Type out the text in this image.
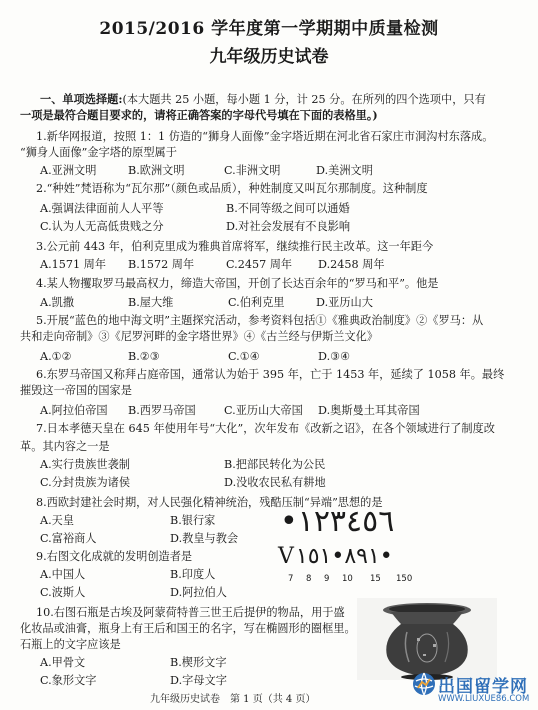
2015/2016 学年度第一学期期中质量检测
九年级历史试卷
一、单项选择题:(本大题共 25 小题，每小题 1 分，计 25 分。在所列的四个选项中，只有
一项是最符合题目要求的，请将正确答案的字母代号填在下面的表格里。)
1.新华网报道，按照 1：1 仿造的“狮身人面像”金字塔近期在河北省石家庄市洞沟村东落成。
“狮身人面像”金字塔的原型属于
A.亚洲文明	B.欧洲文明	C.非洲文明	D.美洲文明
2.“种姓”梵语称为“瓦尔那”（颜色或品质），种姓制度又叫瓦尔那制度。这种制度
A.强调法律面前人人平等	B.不同等级之间可以通婚
C.认为人无高低贵贱之分	D.对社会发展有不良影响
3.公元前 443 年，伯利克里成为雅典首席将军，继续推行民主改革。这一年距今
A.1571 周年 B.1572 周年	C.2457 周年 D.2458 周年
4.某人物攫取罗马最高权力，缔造大帝国，开创了长达百余年的“罗马和平”。他是
A.凯撒	B.屋大维	C.伯利克里	D.亚历山大
5.开展“蓝色的地中海文明”主题探究活动，参考资料包括①《雅典政治制度》②《罗马：从
共和走向帝制》③《尼罗河畔的金字塔世界》④《古兰经与伊斯兰文化》
A.①②	B.②③	C.①④	D.③④
6.东罗马帝国又称拜占庭帝国，通常认为始于 395 年，亡于 1453 年，延续了 1058 年。最终
摧毁这一帝国的国家是
A.阿拉伯帝国 B.西罗马帝国	C.亚历山大帝国 D.奥斯曼土耳其帝国
7.日本孝德天皇在 645 年使用年号“大化”，次年发布《改新之诏》，在各个领域进行了制度改
革。其内容之一是
A.实行贵族世袭制	B.把部民转化为公民
C.分封贵族为诸侯	D.没收农民私有耕地
8.西欧封建社会时期，对人民强化精神统治，残酷压制“异端”思想的是
A.天皇	B.银行家
C.富裕商人	D.教皇与教会
9.右图文化成就的发明创造者是
A.中国人	B.印度人
C.波斯人	D.阿拉伯人
10.右图石瓶是古埃及阿蒙荷特普三世王后提伊的物品，用于盛
化妆品或油膏，瓶身上有王后和国王的名字，写在椭圆形的圈框里。
石瓶上的文字应该是
A.甲骨文	B.楔形文字
C.象形文字	D.字母文字
•١٢٣٤٥٦
V٨٩١•١٥١•
7 8 9 10 15 150
九年级历史试卷　第 1 页（共 4 页）
出国留学网
WWW.LIUXUE86.COM
